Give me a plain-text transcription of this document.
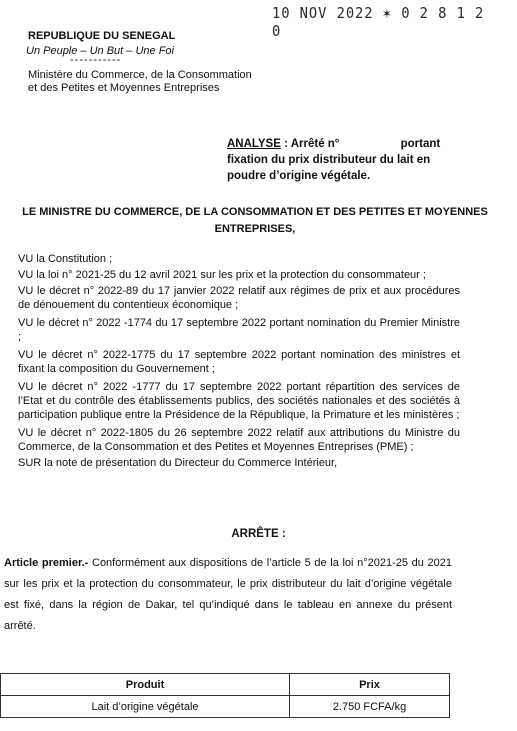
10 NOV 2022 ✶ 0 2 8 1 2 0
REPUBLIQUE DU SENEGAL
Un Peuple – Un But – Une Foi
-----------
Ministère du Commerce, de la Consommation
et des Petites et Moyennes Entreprises
ANALYSE : Arrêté n°	portant fixation du prix distributeur du lait en poudre d’origine végétale.
LE MINISTRE DU COMMERCE, DE LA CONSOMMATION ET DES PETITES ET MOYENNES ENTREPRISES,

VU la Constitution ;

VU la loi n° 2021-25 du 12 avril 2021 sur les prix et la protection du consommateur ;

VU le décret n° 2022-89 du 17 janvier 2022 relatif aux régimes de prix et aux procédures de dénouement du contentieux économique ;

VU le décret n° 2022 -1774 du 17 septembre 2022 portant nomination du Premier Ministre ;

VU le décret n° 2022-1775 du 17 septembre 2022 portant nomination des ministres et fixant la composition du Gouvernement ;

VU le décret n° 2022 -1777 du 17 septembre 2022 portant répartition des services de l’Etat et du contrôle des établissements publics, des sociétés nationales et des sociétés à participation publique entre la Présidence de la République, la Primature et les ministères ;

VU le décret n° 2022-1805 du 26 septembre 2022 relatif aux attributions du Ministre du Commerce, de la Consommation et des Petites et Moyennes Entreprises (PME) ;

SUR la note de présentation du Directeur du Commerce Intérieur,

ARRÊTE :
Article premier.- Conformément aux dispositions de l’article 5 de la loi n°2021-25 du 2021 sur les prix et la protection du consommateur, le prix distributeur du lait d’origine végétale est fixé, dans la région de Dakar, tel qu’indiqué dans le tableau en annexe du présent arrêté.
Produit	Prix
Lait d’origine végétale	2.750 FCFA/kg
